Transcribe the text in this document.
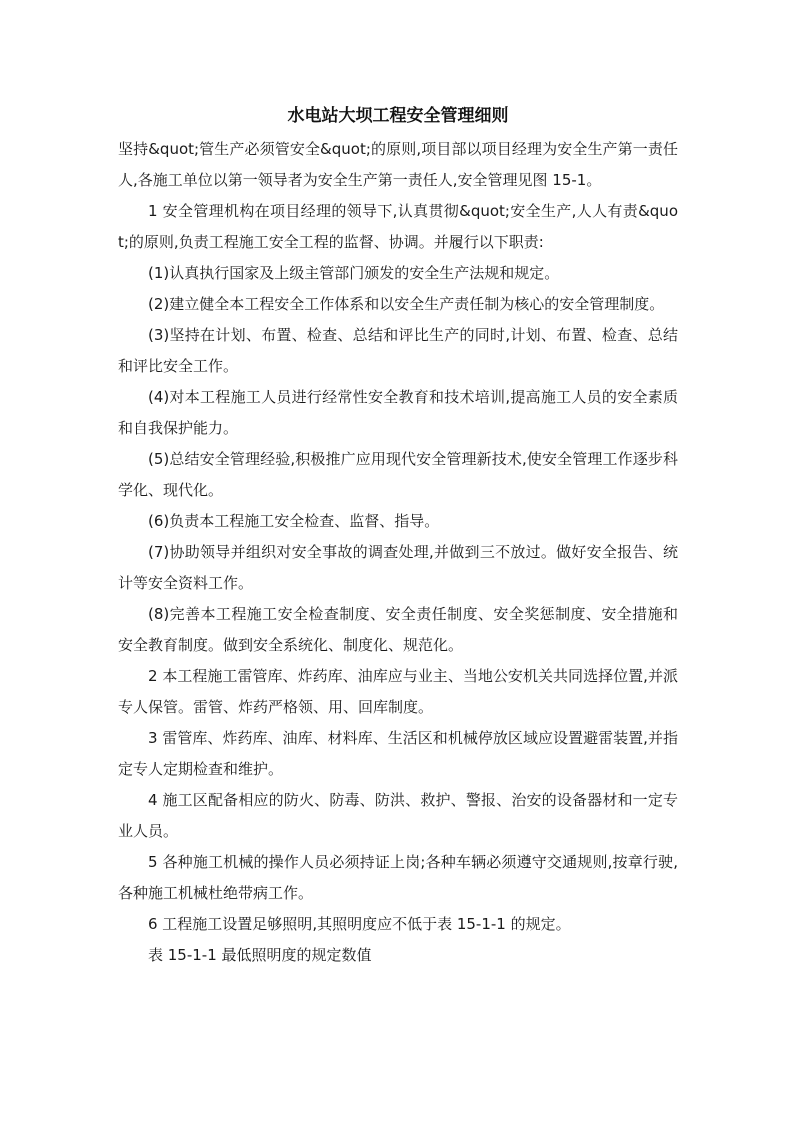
水电站大坝工程安全管理细则

坚持&quot;管生产必须管安全&quot;的原则,项目部以项目经理为安全生产第一责任人,各施工单位以第一领导者为安全生产第一责任人,安全管理见图 15-1。

1 安全管理机构在项目经理的领导下,认真贯彻&quot;安全生产,人人有责&quot;的原则,负责工程施工安全工程的监督、协调。并履行以下职责:

(1)认真执行国家及上级主管部门颁发的安全生产法规和规定。

(2)建立健全本工程安全工作体系和以安全生产责任制为核心的安全管理制度。

(3)坚持在计划、布置、检查、总结和评比生产的同时,计划、布置、检查、总结和评比安全工作。

(4)对本工程施工人员进行经常性安全教育和技术培训,提高施工人员的安全素质和自我保护能力。

(5)总结安全管理经验,积极推广应用现代安全管理新技术,使安全管理工作逐步科学化、现代化。

(6)负责本工程施工安全检查、监督、指导。

(7)协助领导并组织对安全事故的调查处理,并做到三不放过。做好安全报告、统计等安全资料工作。

(8)完善本工程施工安全检查制度、安全责任制度、安全奖惩制度、安全措施和安全教育制度。做到安全系统化、制度化、规范化。

2 本工程施工雷管库、炸药库、油库应与业主、当地公安机关共同选择位置,并派专人保管。雷管、炸药严格领、用、回库制度。

3 雷管库、炸药库、油库、材料库、生活区和机械停放区域应设置避雷装置,并指定专人定期检查和维护。

4 施工区配备相应的防火、防毒、防洪、救护、警报、治安的设备器材和一定专业人员。

5 各种施工机械的操作人员必须持证上岗;各种车辆必须遵守交通规则,按章行驶,各种施工机械杜绝带病工作。

6 工程施工设置足够照明,其照明度应不低于表 15-1-1 的规定。

表 15-1-1 最低照明度的规定数值
